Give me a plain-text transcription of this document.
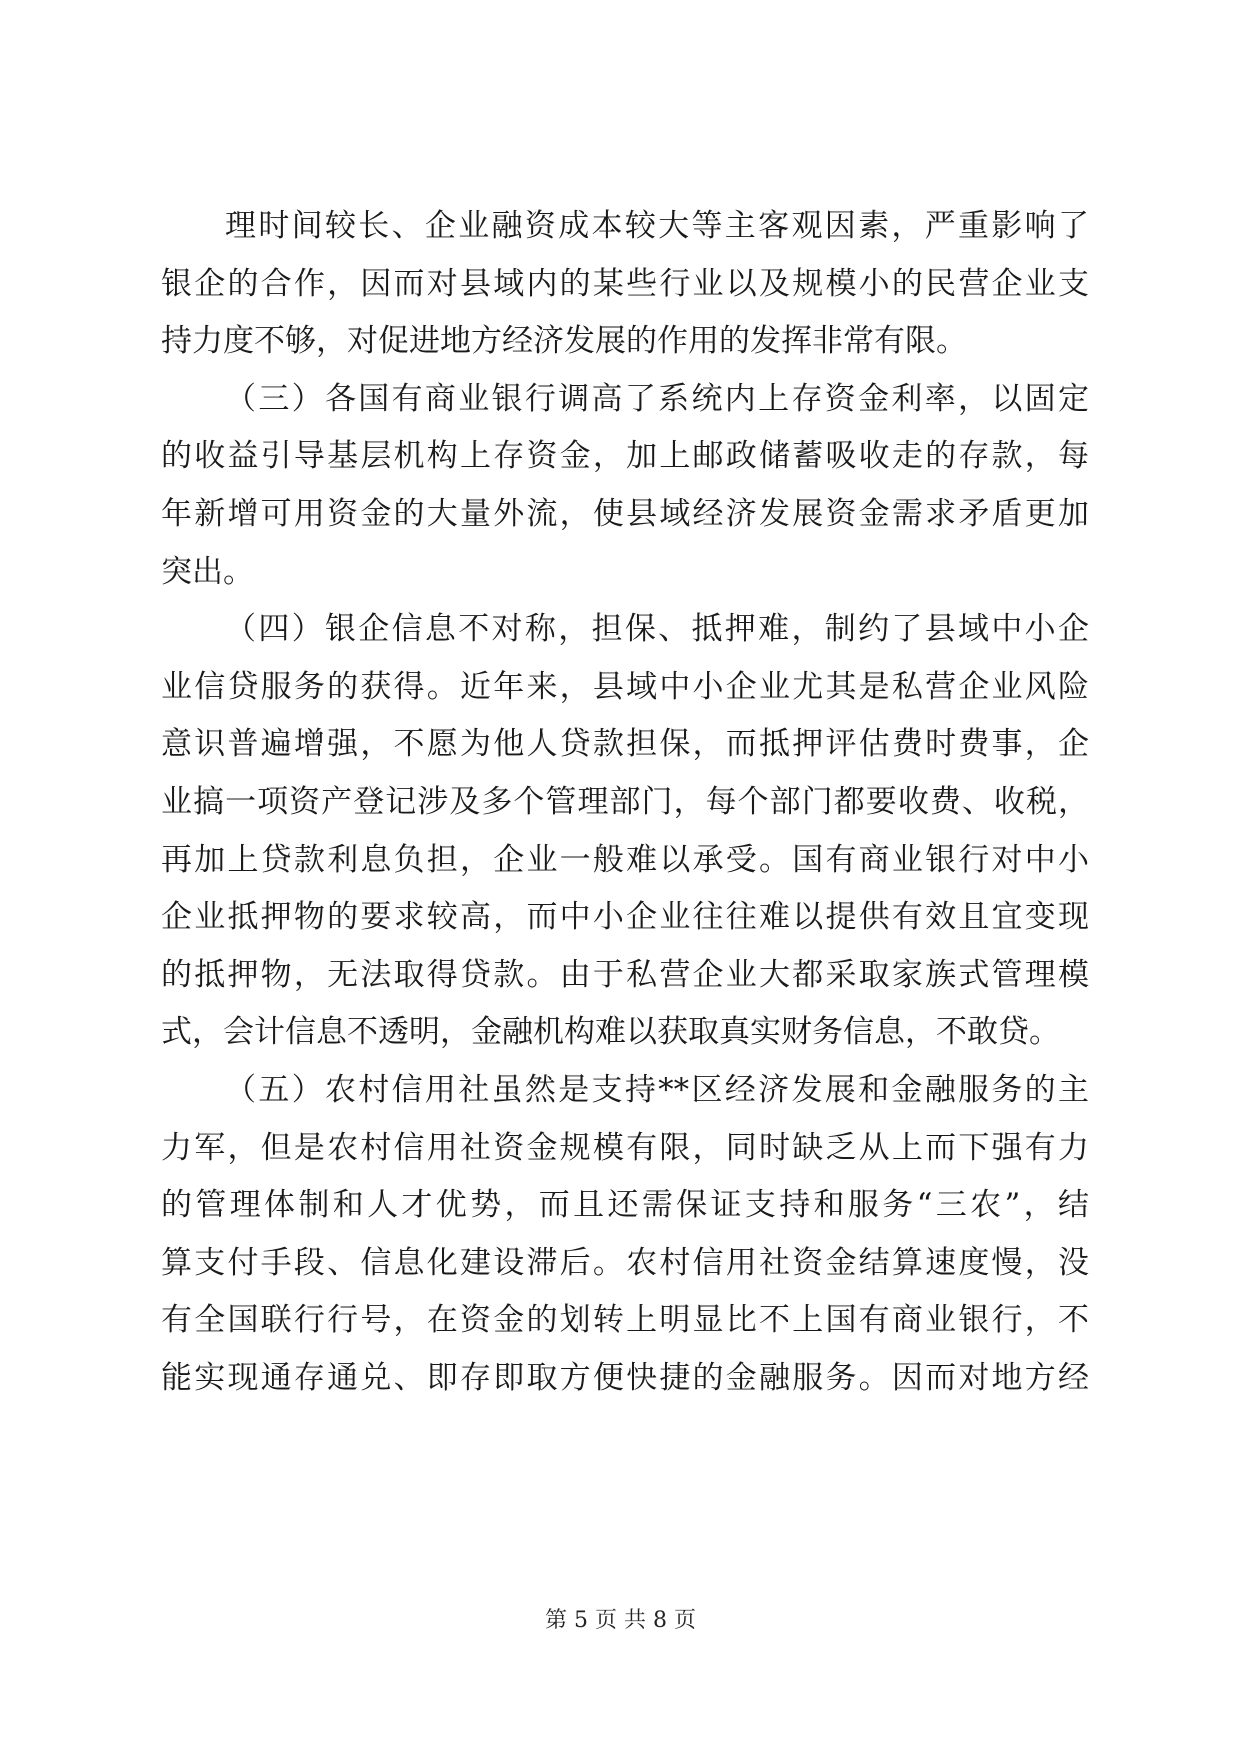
理时间较长、企业融资成本较大等主客观因素，严重影响了
银企的合作，因而对县域内的某些行业以及规模小的民营企业支
持力度不够，对促进地方经济发展的作用的发挥非常有限。
（三）各国有商业银行调高了系统内上存资金利率，以固定
的收益引导基层机构上存资金，加上邮政储蓄吸收走的存款，每
年新增可用资金的大量外流，使县域经济发展资金需求矛盾更加
突出。
（四）银企信息不对称，担保、抵押难，制约了县域中小企
业信贷服务的获得。近年来，县域中小企业尤其是私营企业风险
意识普遍增强，不愿为他人贷款担保，而抵押评估费时费事，企
业搞一项资产登记涉及多个管理部门，每个部门都要收费、收税，
再加上贷款利息负担，企业一般难以承受。国有商业银行对中小
企业抵押物的要求较高，而中小企业往往难以提供有效且宜变现
的抵押物，无法取得贷款。由于私营企业大都采取家族式管理模
式，会计信息不透明，金融机构难以获取真实财务信息，不敢贷。
（五）农村信用社虽然是支持**区经济发展和金融服务的主
力军，但是农村信用社资金规模有限，同时缺乏从上而下强有力
的管理体制和人才优势，而且还需保证支持和服务“三农”，结
算支付手段、信息化建设滞后。农村信用社资金结算速度慢，没
有全国联行行号，在资金的划转上明显比不上国有商业银行，不
能实现通存通兑、即存即取方便快捷的金融服务。因而对地方经
第 5 页 共 8 页
